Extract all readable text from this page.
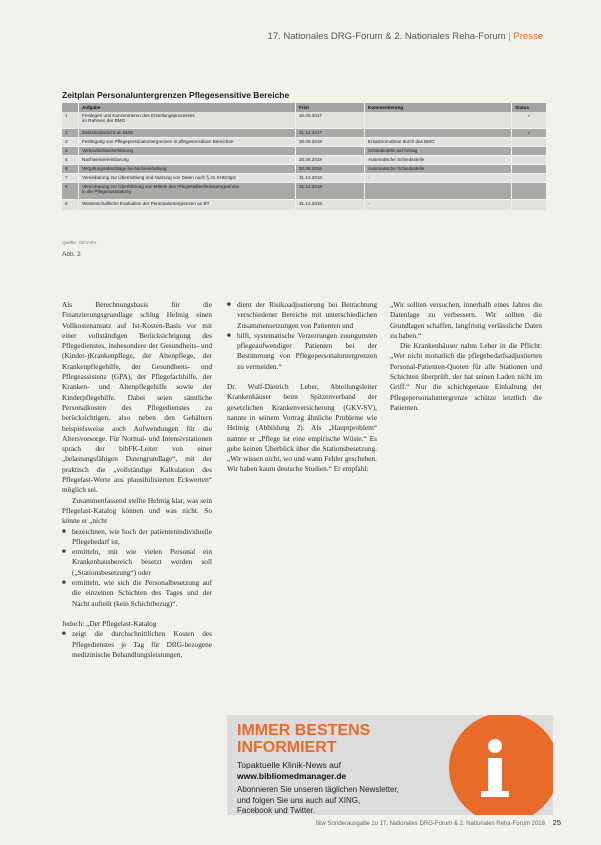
17. Nationales DRG-Forum & 2. Nationales Reha-Forum | Presse
Zeitplan Personaluntergrenzen Pflegesensitive Bereiche
	Aufgabe	Frist	Kommentierung	Status
1	Festlegen und Konzentrieren des Erstellungsprozesses
im Rahmen der BMG	30.06.2017		✓
2	Zwischenbericht an BMG	31.12.2017		✓
3	Festlegung von Pflegepersonaluntergrenzen in pflegesensitiven Bereichen	30.06.2018	Ersatzvornahme durch das BMG	
4	Verbindlichkeitserklärung		Schiedsstelle auf Antrag	
5	Nachweisvereinbarung	30.06.2018	Automatische Schiedsstelle	
6	Vergütungsabschläge bei Nichteinhaltung	30.06.2018	Automatische Schiedsstelle	
7	Vereinbarung zur Übermittlung und Nutzung von Daten nach § 21 KHEntgG	31.12.2018	-	
8	Vereinbarung zur Überführung von Mitteln des Pflegestellenförderprogramms
in die Pflegeausstattung	31.12.2018		
9	Wissenschaftliche Evaluation der Personaluntergrenzen an BT	31.12.2019	-	
Quelle: GKV-SV
Abb. 2

Als Berechnungsbasis für die Finanzierungsgrundlage schlug Helmig einen Vollkostenansatz auf Ist-Kosten-Basis vor mit einer vollständigen Berücksichtigung des Pflegedienstes, insbesondere der Gesundheits- und (Kinder-)Krankenpflege, der Altenpflege, der Krankenpflegehilfe, der Gesundheits- und Pflegeassistenz (GPA), der Pflegefachhilfe, der Kranken- und Altenpflegehilfe sowie der Kinderpflegehilfe. Dabei seien sämtliche Personalkosten des Pflegedienstes zu berücksichtigen, also neben den Gehältern beispielsweise auch Aufwendungen für die Altersvorsorge. Für Normal- und Intensivstationen sprach der bibFK-Leiter von einer „belastungsfähigen Datengrundlage“, mit der praktisch die „vollständige Kalkulation des Pflegelast-Werte aus plausibilisierten Eckwerten“ möglich sei.

Zusammenfassend stellte Helmig klar, was sein Pflegelast-Katalog können und was nicht. So könne er „nicht

■ bezeichnen, wie hoch der patientenindividuelle Pflegebedarf ist,
■ ermitteln, mit wie vielen Personal ein Krankenhausbereich besetzt werden soll („Stationsbesetzung“) oder
■ ermitteln, wie sich die Personalbesetzung auf die einzelnen Schichten des Tages und der Nacht aufteilt (kein Schichtbezug)“.

Jedoch: „Der Pflegelast-Katalog

■ zeigt die durchschnittlichen Kosten des Pflegedienstes je Tag für DRG-bezogene medizinische Behandlungsleistungen,
■ dient der Risikoadjustierung bei Betrachtung verschiedener Bereiche mit unterschiedlichen Zusammensetzungen von Patienten und
■ hilft, systematische Verzerrungen zuungunsten pflegeaufwendiger Patienten bei der Bestimmung von Pflegepersonaluntergrenzen zu vermeiden.“

Dr. Wulf-Dietrich Leber, Abteilungsleiter Krankenhäuser beim Spitzenverband der gesetzlichen Krankenversicherung (GKV-SV), nannte in seinem Vortrag ähnliche Probleme wie Helmig (Abbildung 2). Als „Hauptproblem“ nannte er „Pflege ist eine empirische Wüste.“ Es gebe keinen Überblick über die Stationsbesetzung. „Wir wissen nicht, wo und wann Fehler geschehen. Wir haben kaum deutsche Studien.“ Er empfahl:

„Wir sollten versuchen, innerhalb eines Jahres die Datenlage zu verbessern. Wir sollten die Grundlagen schaffen, langfristig verlässliche Daten zu haben.“

Die Krankenhäuser nahm Leber in die Pflicht: „Wer nicht monatlich die pflegebedarfsadjustierten Personal-Patienten-Quoten für alle Stationen und Schichten überprüft, der hat seinen Laden nicht im Griff.“ Nur die schichtgenaue Einhaltung der Pflegepersonaluntergrenze schütze letztlich die Patienten.

IMMER BESTENS
INFORMIERT
Topaktuelle Klinik-News auf
www.bibliomedmanager.de
Abonnieren Sie unseren täglichen Newsletter,
und folgen Sie uns auch auf XING,
Facebook und Twitter.
f&w Sonderausgabe zu 17. Nationales DRG-Forum & 2. Nationales Reha-Forum 2018 25
